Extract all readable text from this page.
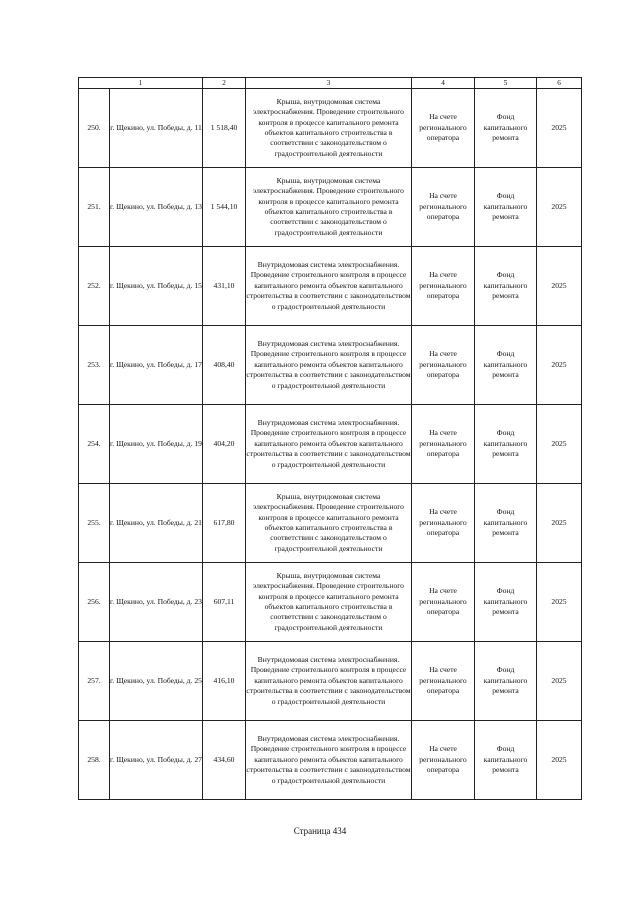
1		2	3	4	5	6
250.	г. Щекино, ул. Победы, д. 11	1 518,40	Крыша, внутридомовая система электроснабжения. Проведение строительного контроля в процессе капитального ремонта объектов капитального строительства в соответствии с законодательством о градостроительной деятельности	На счете регионального оператора	Фонд капитального ремонта	2025
251.	г. Щекино, ул. Победы, д. 13	1 544,10	Крыша, внутридомовая система электроснабжения. Проведение строительного контроля в процессе капитального ремонта объектов капитального строительства в соответствии с законодательством о градостроительной деятельности	На счете регионального оператора	Фонд капитального ремонта	2025
252.	г. Щекино, ул. Победы, д. 15	431,10	Внутридомовая система электроснабжения. Проведение строительного контроля в процессе капитального ремонта объектов капитального строительства в соответствии с законодательством о градостроительной деятельности	На счете регионального оператора	Фонд капитального ремонта	2025
253.	г. Щекино, ул. Победы, д. 17	408,40	Внутридомовая система электроснабжения. Проведение строительного контроля в процессе капитального ремонта объектов капитального строительства в соответствии с законодательством о градостроительной деятельности	На счете регионального оператора	Фонд капитального ремонта	2025
254.	г. Щекино, ул. Победы, д. 19	404,20	Внутридомовая система электроснабжения. Проведение строительного контроля в процессе капитального ремонта объектов капитального строительства в соответствии с законодательством о градостроительной деятельности	На счете регионального оператора	Фонд капитального ремонта	2025
255.	г. Щекино, ул. Победы, д. 21	617,80	Крыша, внутридомовая система электроснабжения. Проведение строительного контроля в процессе капитального ремонта объектов капитального строительства в соответствии с законодательством о градостроительной деятельности	На счете регионального оператора	Фонд капитального ремонта	2025
256.	г. Щекино, ул. Победы, д. 23	607,11	Крыша, внутридомовая система электроснабжения. Проведение строительного контроля в процессе капитального ремонта объектов капитального строительства в соответствии с законодательством о градостроительной деятельности	На счете регионального оператора	Фонд капитального ремонта	2025
257.	г. Щекино, ул. Победы, д. 25	416,10	Внутридомовая система электроснабжения. Проведение строительного контроля в процессе капитального ремонта объектов капитального строительства в соответствии с законодательством о градостроительной деятельности	На счете регионального оператора	Фонд капитального ремонта	2025
258.	г. Щекино, ул. Победы, д. 27	434,60	Внутридомовая система электроснабжения. Проведение строительного контроля в процессе капитального ремонта объектов капитального строительства в соответствии с законодательством о градостроительной деятельности	На счете регионального оператора	Фонд капитального ремонта	2025
Страница 434
